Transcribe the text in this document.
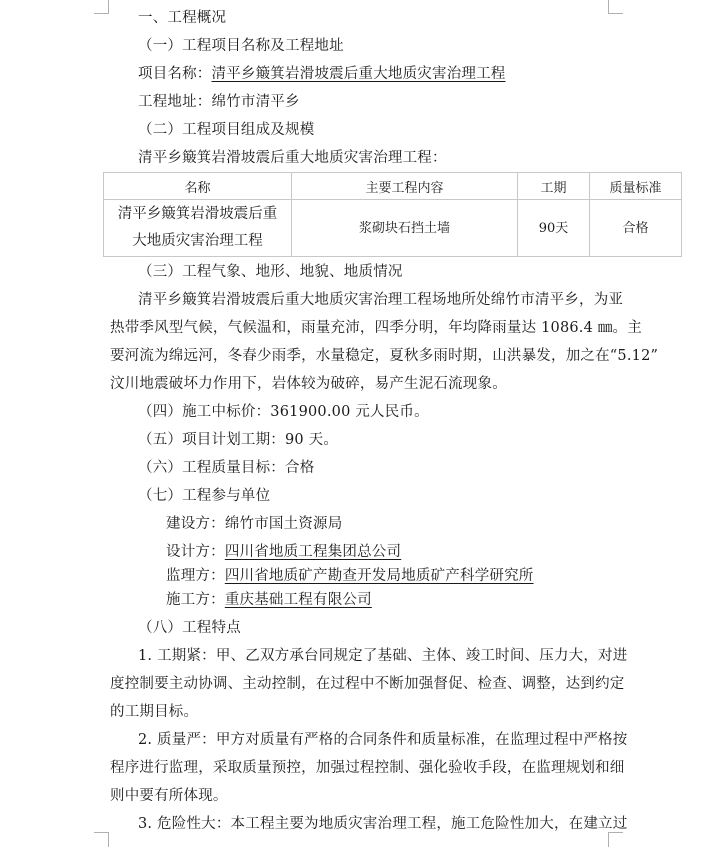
一、工程概况
（一）工程项目名称及工程地址
项目名称：清平乡簸箕岩滑坡震后重大地质灾害治理工程
工程地址：绵竹市清平乡
（二）工程项目组成及规模
清平乡簸箕岩滑坡震后重大地质灾害治理工程：
名称	主要工程内容	工期	质量标准

清平乡簸箕岩滑坡震后重
大地质灾害治理工程	浆砌块石挡土墙	90天	合格
（三）工程气象、地形、地貌、地质情况
清平乡簸箕岩滑坡震后重大地质灾害治理工程场地所处绵竹市清平乡，为亚
热带季风型气候，气候温和，雨量充沛，四季分明，年均降雨量达 1086.4 ㎜。主
要河流为绵远河，冬春少雨季，水量稳定，夏秋多雨时期，山洪暴发，加之在“5.12”
汶川地震破坏力作用下，岩体较为破碎，易产生泥石流现象。
（四）施工中标价：361900.00 元人民币。
（五）项目计划工期：90 天。
（六）工程质量目标：合格
（七）工程参与单位
建设方：绵竹市国土资源局
设计方：四川省地质工程集团总公司
监理方：四川省地质矿产勘查开发局地质矿产科学研究所
施工方：重庆基础工程有限公司
（八）工程特点
1. 工期紧：甲、乙双方承台同规定了基础、主体、竣工时间、压力大，对进
度控制要主动协调、主动控制，在过程中不断加强督促、检查、调整，达到约定
的工期目标。
2. 质量严：甲方对质量有严格的合同条件和质量标准，在监理过程中严格按
程序进行监理，采取质量预控，加强过程控制、强化验收手段，在监理规划和细
则中要有所体现。
3. 危险性大：本工程主要为地质灾害治理工程，施工危险性加大，在建立过
